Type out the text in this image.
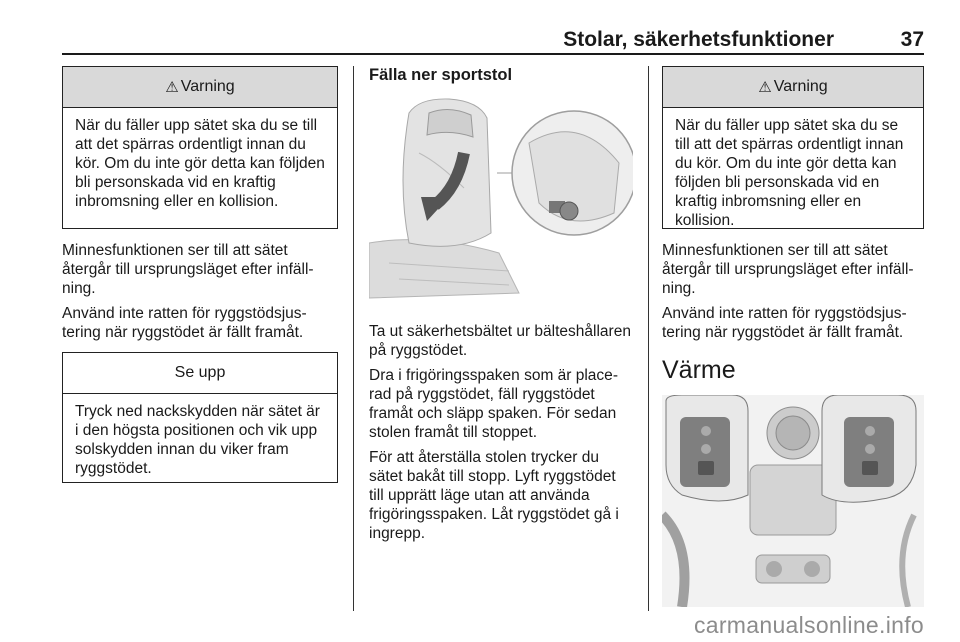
Stolar, säkerhetsfunktioner	37
⚠ Varning
När du fäller upp sätet ska du se till att det spärras ordentligt innan du kör. Om du inte gör detta kan följden bli personskada vid en kraftig inbromsning eller en kollision.

Minnesfunktionen ser till att sätet återgår till ursprungsläget efter infällning.

Använd inte ratten för ryggstödsjustering när ryggstödet är fällt framåt.

Se upp
Tryck ned nackskydden när sätet är i den högsta positionen och vik upp solskydden innan du viker fram ryggstödet.
Fälla ner sportstol

Ta ut säkerhetsbältet ur bälteshållaren på ryggstödet.

Dra i frigöringsspaken som är placerad på ryggstödet, fäll ryggstödet framåt och släpp spaken. För sedan stolen framåt till stoppet.

För att återställa stolen trycker du sätet bakåt till stopp. Lyft ryggstödet till upprätt läge utan att använda frigöringsspaken. Låt ryggstödet gå i ingrepp.

⚠ Varning
När du fäller upp sätet ska du se till att det spärras ordentligt innan du kör. Om du inte gör detta kan följden bli personskada vid en kraftig inbromsning eller en kollision.

Minnesfunktionen ser till att sätet återgår till ursprungsläget efter infällning.

Använd inte ratten för ryggstödsjustering när ryggstödet är fällt framåt.

Värme
carmanualsonline.info
